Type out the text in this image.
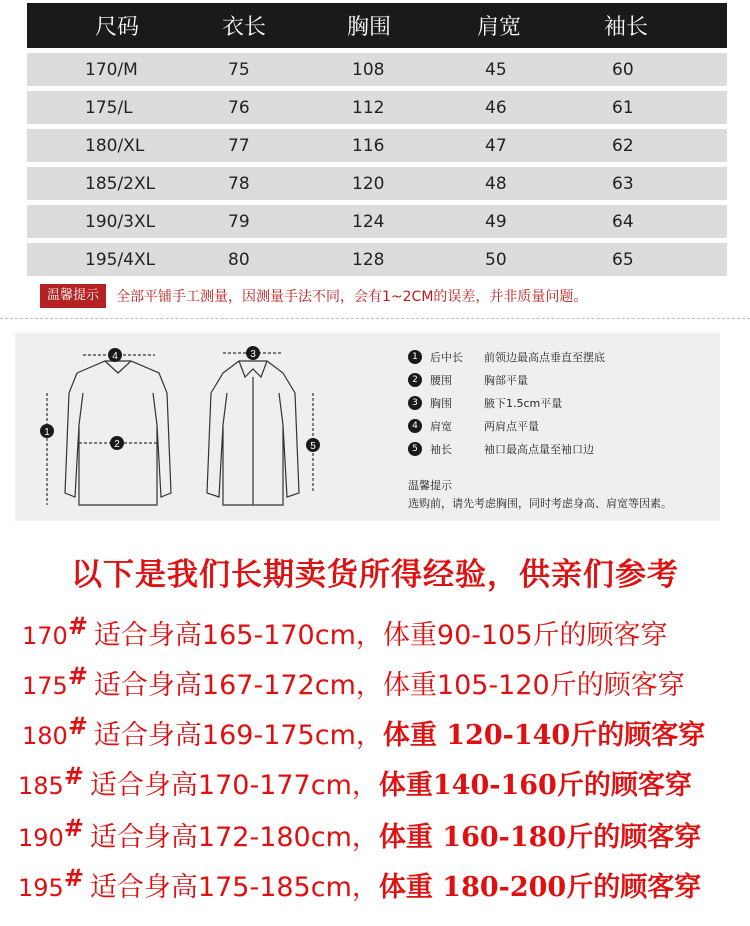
尺码	衣长	胸围	肩宽	袖长
170/M	75	108	45	60
175/L	76	112	46	61
180/XL	77	116	47	62
185/2XL	78	120	48	63
190/3XL	79	124	49	64
195/4XL	80	128	50	65
温馨提示	全部平铺手工测量，因测量手法不同，会有1~2CM的误差，并非质量问题。
4
1
2
3
5
1	后中长	前领边最高点垂直至摆底
2	腰围	胸部平量
3	胸围	腋下1.5cm平量
4	肩宽	两肩点平量
5	袖长	袖口最高点量至袖口边
温馨提示
选购前，请先考虑胸围，同时考虑身高、肩宽等因素。
以下是我们长期卖货所得经验，供亲们参考
170# 适合身高165-170cm，体重90-105斤的顾客穿
175# 适合身高167-172cm，体重105-120斤的顾客穿
180# 适合身高169-175cm，体重 120-140斤的顾客穿
185# 适合身高170-177cm，体重140-160斤的顾客穿
190# 适合身高172-180cm，体重 160-180斤的顾客穿
195# 适合身高175-185cm，体重 180-200斤的顾客穿
